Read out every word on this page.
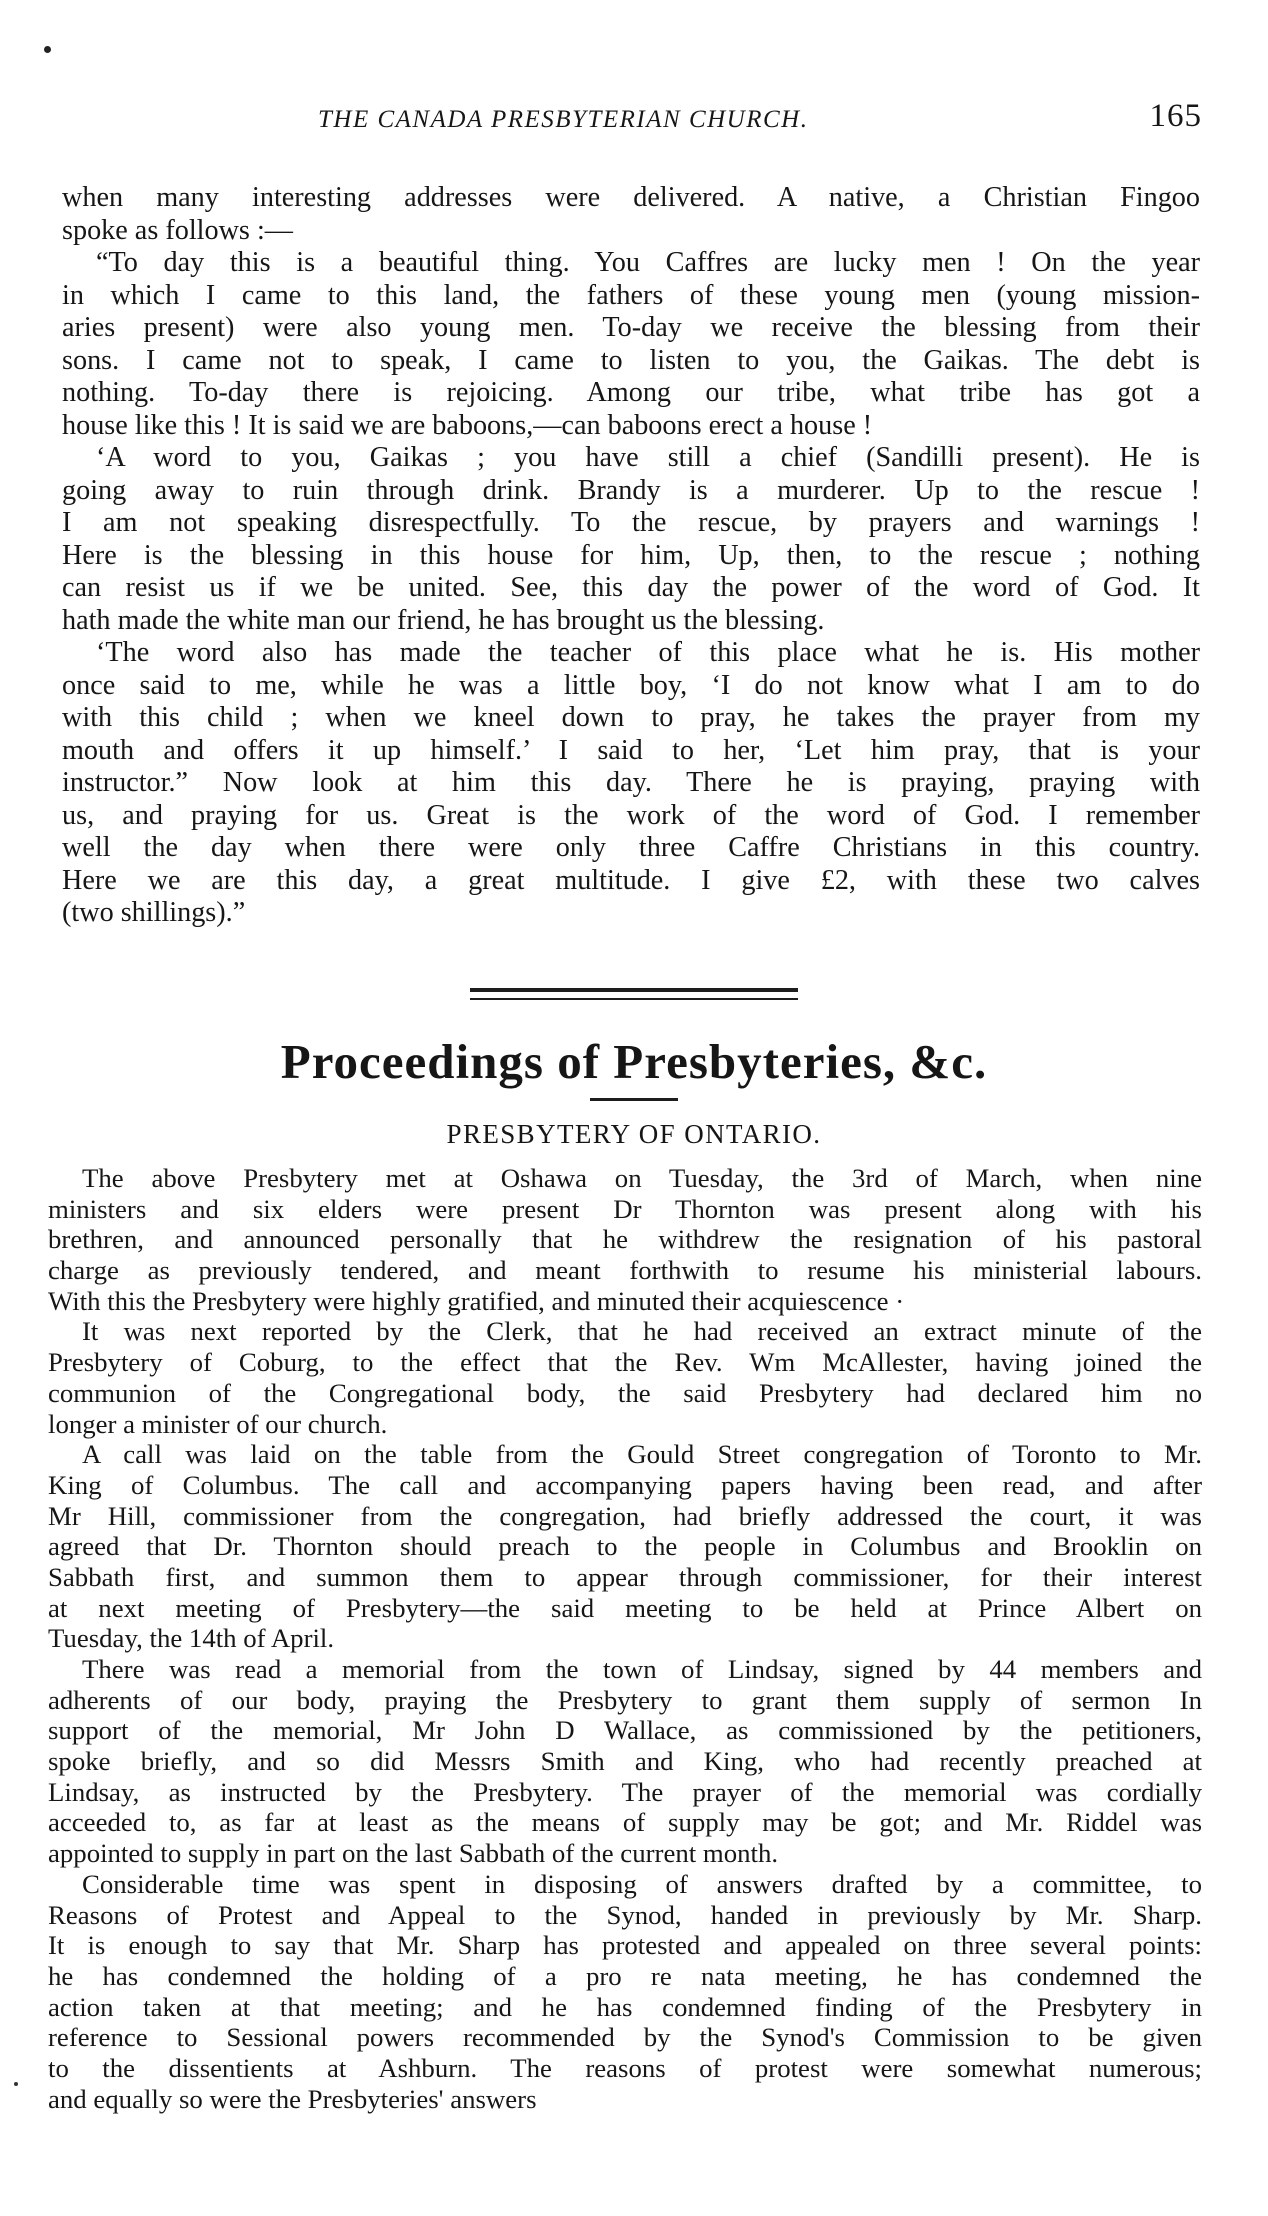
THE CANADA PRESBYTERIAN CHURCH.	165
when many interesting addresses were delivered. A native, a Christian Fingoo
spoke as follows :—
“To day this is a beautiful thing. You Caffres are lucky men ! On the year
in which I came to this land, the fathers of these young men (young mission-
aries present) were also young men. To-day we receive the blessing from their
sons. I came not to speak, I came to listen to you, the Gaikas. The debt is
nothing. To-day there is rejoicing. Among our tribe, what tribe has got a
house like this ! It is said we are baboons,—can baboons erect a house !
‘A word to you, Gaikas ; you have still a chief (Sandilli present). He is
going away to ruin through drink. Brandy is a murderer. Up to the rescue !
I am not speaking disrespectfully. To the rescue, by prayers and warnings !
Here is the blessing in this house for him, Up, then, to the rescue ; nothing
can resist us if we be united. See, this day the power of the word of God. It
hath made the white man our friend, he has brought us the blessing.
‘The word also has made the teacher of this place what he is. His mother
once said to me, while he was a little boy, ‘I do not know what I am to do
with this child ; when we kneel down to pray, he takes the prayer from my
mouth and offers it up himself.’ I said to her, ‘Let him pray, that is your
instructor.” Now look at him this day. There he is praying, praying with
us, and praying for us. Great is the work of the word of God. I remember
well the day when there were only three Caffre Christians in this country.
Here we are this day, a great multitude. I give £2, with these two calves
(two shillings).”
Proceedings of Presbyteries, &c.
PRESBYTERY OF ONTARIO.
The above Presbytery met at Oshawa on Tuesday, the 3rd of March, when nine
ministers and six elders were present Dr Thornton was present along with his
brethren, and announced personally that he withdrew the resignation of his pastoral
charge as previously tendered, and meant forthwith to resume his ministerial labours.
With this the Presbytery were highly gratified, and minuted their acquiescence ·
It was next reported by the Clerk, that he had received an extract minute of the
Presbytery of Coburg, to the effect that the Rev. Wm McAllester, having joined the
communion of the Congregational body, the said Presbytery had declared him no
longer a minister of our church.
A call was laid on the table from the Gould Street congregation of Toronto to Mr.
King of Columbus. The call and accompanying papers having been read, and after
Mr Hill, commissioner from the congregation, had briefly addressed the court, it was
agreed that Dr. Thornton should preach to the people in Columbus and Brooklin on
Sabbath first, and summon them to appear through commissioner, for their interest
at next meeting of Presbytery—the said meeting to be held at Prince Albert on
Tuesday, the 14th of April.
There was read a memorial from the town of Lindsay, signed by 44 members and
adherents of our body, praying the Presbytery to grant them supply of sermon In
support of the memorial, Mr John D Wallace, as commissioned by the petitioners,
spoke briefly, and so did Messrs Smith and King, who had recently preached at
Lindsay, as instructed by the Presbytery. The prayer of the memorial was cordially
acceeded to, as far at least as the means of supply may be got; and Mr. Riddel was
appointed to supply in part on the last Sabbath of the current month.
Considerable time was spent in disposing of answers drafted by a committee, to
Reasons of Protest and Appeal to the Synod, handed in previously by Mr. Sharp.
It is enough to say that Mr. Sharp has protested and appealed on three several points:
he has condemned the holding of a pro re nata meeting, he has condemned the
action taken at that meeting; and he has condemned finding of the Presbytery in
reference to Sessional powers recommended by the Synod's Commission to be given
to the dissentients at Ashburn. The reasons of protest were somewhat numerous;
and equally so were the Presbyteries' answers
